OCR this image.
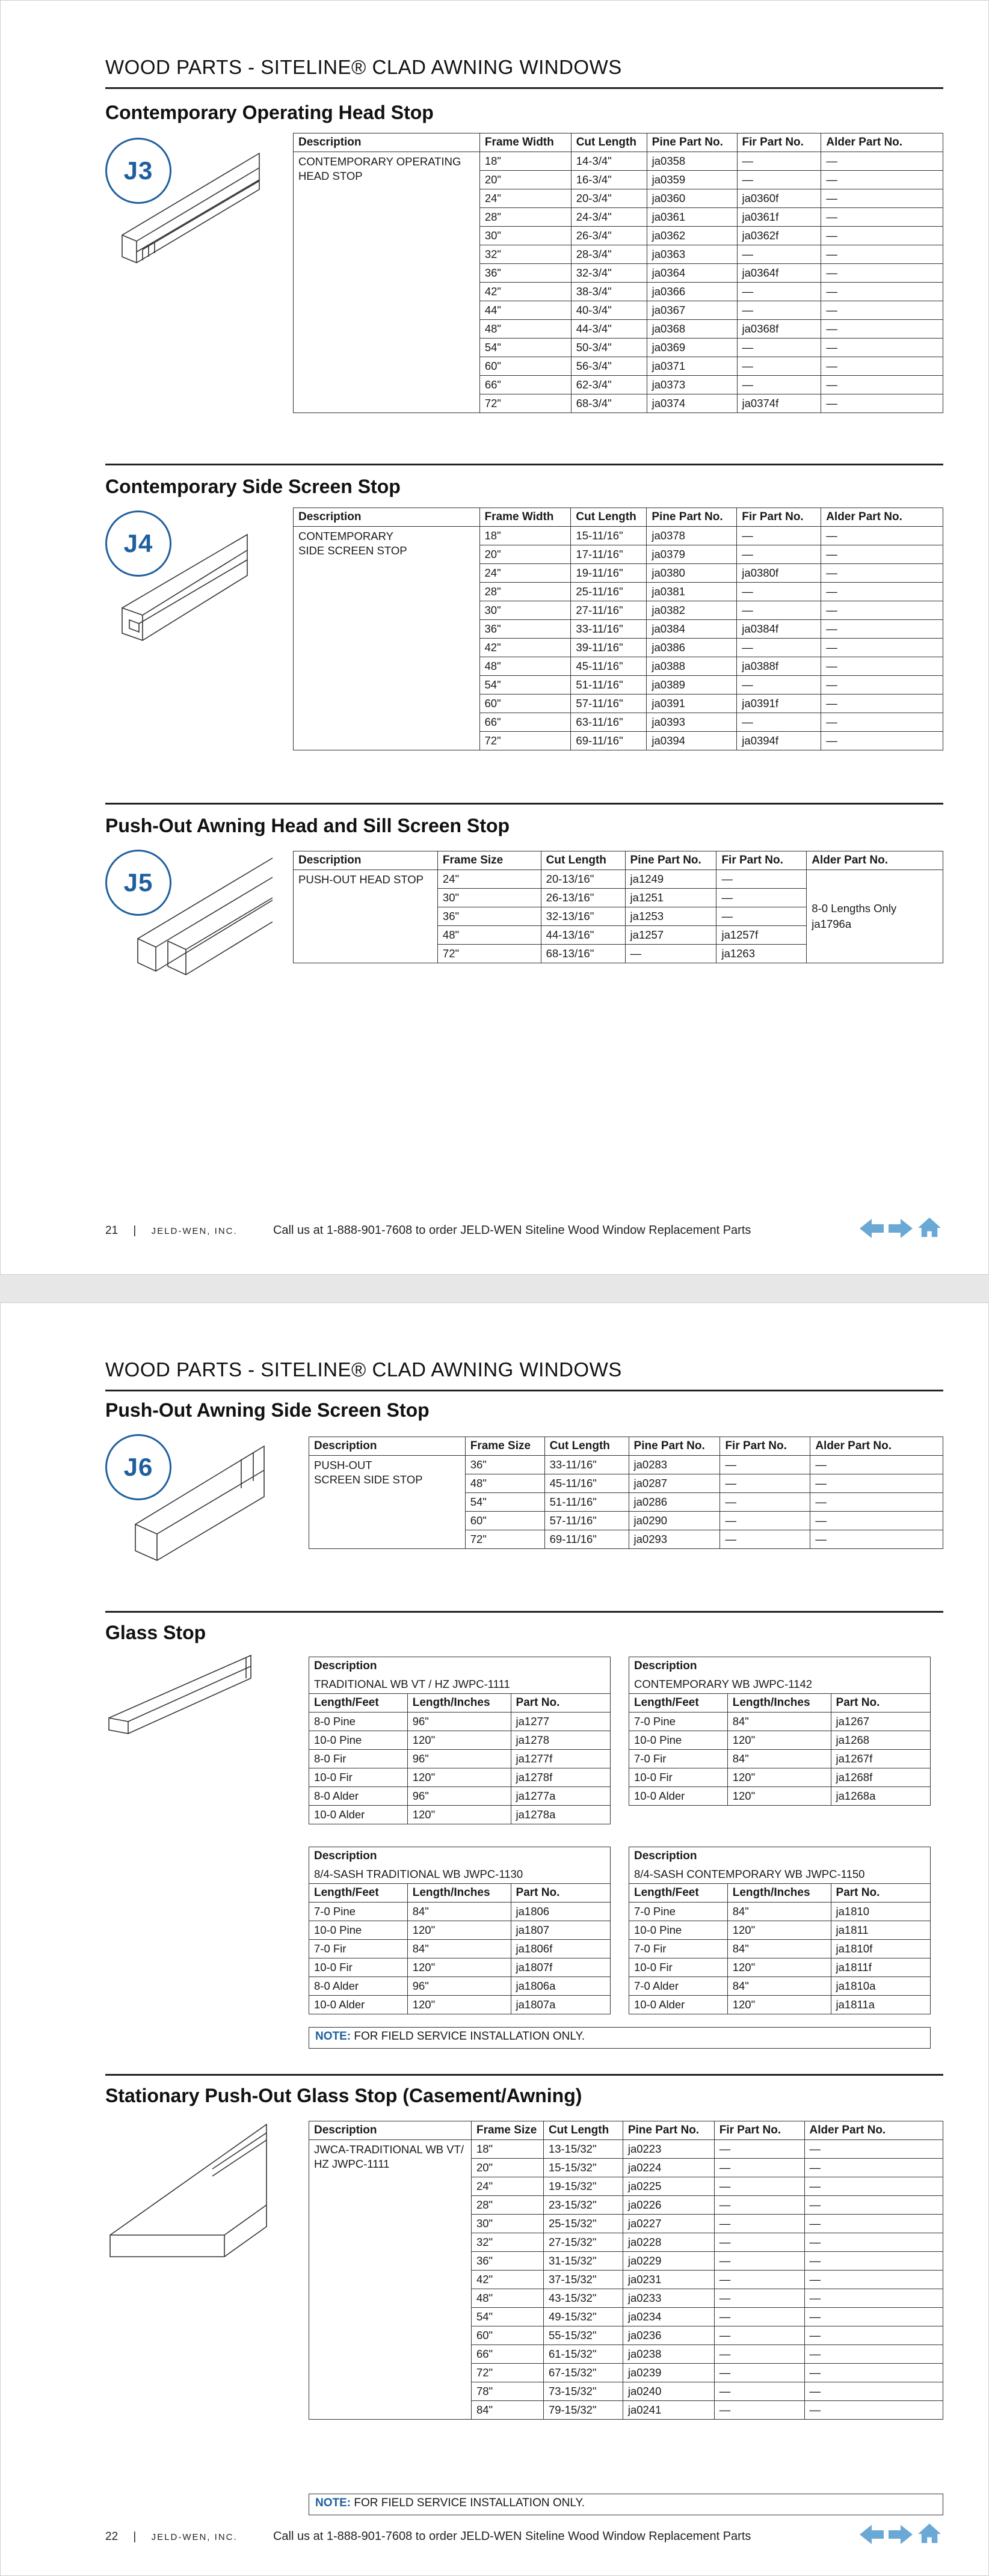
WOOD PARTS - SITELINE® CLAD AWNING WINDOWS
Contemporary Operating Head Stop
J3
Description	Frame Width	Cut Length	Pine Part No.	Fir Part No.	Alder Part No.

CONTEMPORARY OPERATING
HEAD STOP	18"	14-3/4"	ja0358	—	—
	20"	16-3/4"	ja0359	—	—
	24"	20-3/4"	ja0360	ja0360f	—
	28"	24-3/4"	ja0361	ja0361f	—
	30"	26-3/4"	ja0362	ja0362f	—
	32"	28-3/4"	ja0363	—	—
	36"	32-3/4"	ja0364	ja0364f	—
	42"	38-3/4"	ja0366	—	—
	44"	40-3/4"	ja0367	—	—
	48"	44-3/4"	ja0368	ja0368f	—
	54"	50-3/4"	ja0369	—	—
	60"	56-3/4"	ja0371	—	—
	66"	62-3/4"	ja0373	—	—
	72"	68-3/4"	ja0374	ja0374f	—
Contemporary Side Screen Stop
J4
Description	Frame Width	Cut Length	Pine Part No.	Fir Part No.	Alder Part No.

CONTEMPORARY
SIDE SCREEN STOP	18"	15-11/16"	ja0378	—	—
	20"	17-11/16"	ja0379	—	—
	24"	19-11/16"	ja0380	ja0380f	—
	28"	25-11/16"	ja0381	—	—
	30"	27-11/16"	ja0382	—	—
	36"	33-11/16"	ja0384	ja0384f	—
	42"	39-11/16"	ja0386	—	—
	48"	45-11/16"	ja0388	ja0388f	—
	54"	51-11/16"	ja0389	—	—
	60"	57-11/16"	ja0391	ja0391f	—
	66"	63-11/16"	ja0393	—	—
	72"	69-11/16"	ja0394	ja0394f	—
Push-Out Awning Head and Sill Screen Stop
J5
Description	Frame Size	Cut Length	Pine Part No.	Fir Part No.	Alder Part No.

PUSH-OUT HEAD STOP	24"	20-13/16"	ja1249	—	8-0 Lengths Only
ja1796a

	30"	26-13/16"	ja1251	—	
	36"	32-13/16"	ja1253	—	
	48"	44-13/16"	ja1257	ja1257f	
	72"	68-13/16"	—	ja1263	
21 | JELD-WEN, INC.	Call us at 1-888-901-7608 to order JELD-WEN Siteline Wood Window Replacement Parts
WOOD PARTS - SITELINE® CLAD AWNING WINDOWS
Push-Out Awning Side Screen Stop
J6
Description	Frame Size	Cut Length	Pine Part No.	Fir Part No.	Alder Part No.

PUSH-OUT
SCREEN SIDE STOP	36"	33-11/16"	ja0283	—	—
	48"	45-11/16"	ja0287	—	—
	54"	51-11/16"	ja0286	—	—
	60"	57-11/16"	ja0290	—	—
	72"	69-11/16"	ja0293	—	—
Glass Stop
Description		
TRADITIONAL WB VT / HZ JWPC-1111		
Length/Feet	Length/Inches	Part No.
8-0 Pine	96"	ja1277
10-0 Pine	120"	ja1278
8-0 Fir	96"	ja1277f
10-0 Fir	120"	ja1278f
8-0 Alder	96"	ja1277a
10-0 Alder	120"	ja1278a
Description		
CONTEMPORARY WB JWPC-1142		
Length/Feet	Length/Inches	Part No.
7-0 Pine	84"	ja1267
10-0 Pine	120"	ja1268
7-0 Fir	84"	ja1267f
10-0 Fir	120"	ja1268f
10-0 Alder	120"	ja1268a
Description		
8/4-SASH TRADITIONAL WB JWPC-1130		
Length/Feet	Length/Inches	Part No.
7-0 Pine	84"	ja1806
10-0 Pine	120"	ja1807
7-0 Fir	84"	ja1806f
10-0 Fir	120"	ja1807f
8-0 Alder	96"	ja1806a
10-0 Alder	120"	ja1807a
Description		
8/4-SASH CONTEMPORARY WB JWPC-1150		
Length/Feet	Length/Inches	Part No.
7-0 Pine	84"	ja1810
10-0 Pine	120"	ja1811
7-0 Fir	84"	ja1810f
10-0 Fir	120"	ja1811f
7-0 Alder	84"	ja1810a
10-0 Alder	120"	ja1811a
NOTE: FOR FIELD SERVICE INSTALLATION ONLY.
Stationary Push-Out Glass Stop (Casement/Awning)
Description	Frame Size	Cut Length	Pine Part No.	Fir Part No.	Alder Part No.

JWCA-TRADITIONAL WB VT/
HZ JWPC-1111	18"	13-15/32"	ja0223	—	—
	20"	15-15/32"	ja0224	—	—
	24"	19-15/32"	ja0225	—	—
	28"	23-15/32"	ja0226	—	—
	30"	25-15/32"	ja0227	—	—
	32"	27-15/32"	ja0228	—	—
	36"	31-15/32"	ja0229	—	—
	42"	37-15/32"	ja0231	—	—
	48"	43-15/32"	ja0233	—	—
	54"	49-15/32"	ja0234	—	—
	60"	55-15/32"	ja0236	—	—
	66"	61-15/32"	ja0238	—	—
	72"	67-15/32"	ja0239	—	—
	78"	73-15/32"	ja0240	—	—
	84"	79-15/32"	ja0241	—	—
NOTE: FOR FIELD SERVICE INSTALLATION ONLY.
22 | JELD-WEN, INC.	Call us at 1-888-901-7608 to order JELD-WEN Siteline Wood Window Replacement Parts
